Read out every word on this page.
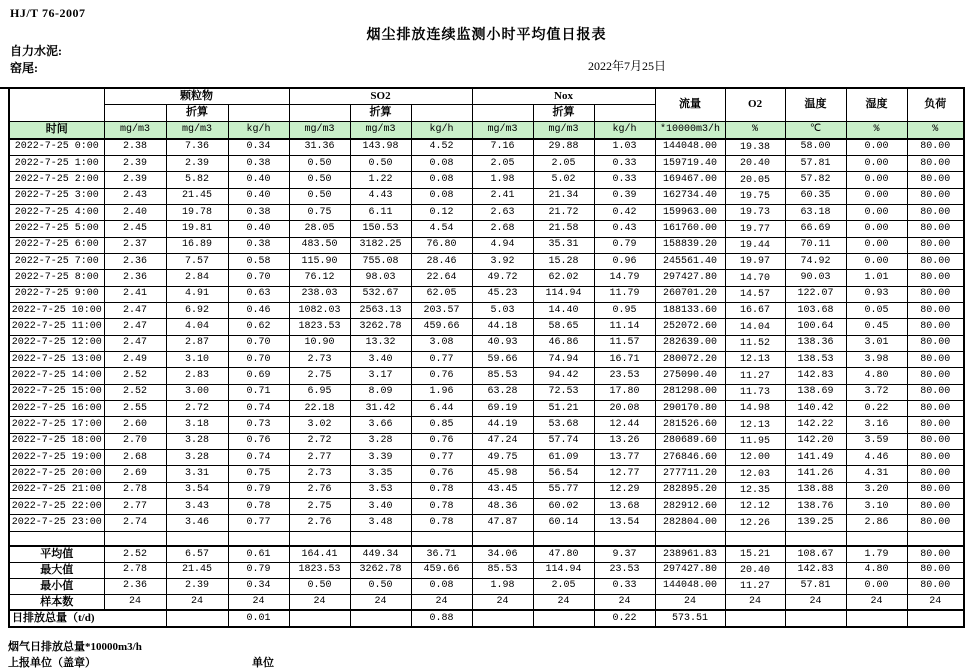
HJ/T 76-2007
烟尘排放连续监测小时平均值日报表
自力水泥:
窑尾:	2022年7月25日
	颗粒物			SO2			Nox			流量	O2	温度	湿度	负荷
		折算			折算			折算						
时间	mg/m3	mg/m3	kg/h	mg/m3	mg/m3	kg/h	mg/m3	mg/m3	kg/h	*10000m3/h	%	℃	%	%
2022-7-25 0:00	2.38	7.36	0.34	31.36	143.98	4.52	7.16	29.88	1.03	144048.00	19.38	58.00	0.00	80.00
2022-7-25 1:00	2.39	2.39	0.38	0.50	0.50	0.08	2.05	2.05	0.33	159719.40	20.40	57.81	0.00	80.00
2022-7-25 2:00	2.39	5.82	0.40	0.50	1.22	0.08	1.98	5.02	0.33	169467.00	20.05	57.82	0.00	80.00
2022-7-25 3:00	2.43	21.45	0.40	0.50	4.43	0.08	2.41	21.34	0.39	162734.40	19.75	60.35	0.00	80.00
2022-7-25 4:00	2.40	19.78	0.38	0.75	6.11	0.12	2.63	21.72	0.42	159963.00	19.73	63.18	0.00	80.00
2022-7-25 5:00	2.45	19.81	0.40	28.05	150.53	4.54	2.68	21.58	0.43	161760.00	19.77	66.69	0.00	80.00
2022-7-25 6:00	2.37	16.89	0.38	483.50	3182.25	76.80	4.94	35.31	0.79	158839.20	19.44	70.11	0.00	80.00
2022-7-25 7:00	2.36	7.57	0.58	115.90	755.08	28.46	3.92	15.28	0.96	245561.40	19.97	74.92	0.00	80.00
2022-7-25 8:00	2.36	2.84	0.70	76.12	98.03	22.64	49.72	62.02	14.79	297427.80	14.70	90.03	1.01	80.00
2022-7-25 9:00	2.41	4.91	0.63	238.03	532.67	62.05	45.23	114.94	11.79	260701.20	14.57	122.07	0.93	80.00
2022-7-25 10:00	2.47	6.92	0.46	1082.03	2563.13	203.57	5.03	14.40	0.95	188133.60	16.67	103.68	0.05	80.00
2022-7-25 11:00	2.47	4.04	0.62	1823.53	3262.78	459.66	44.18	58.65	11.14	252072.60	14.04	100.64	0.45	80.00
2022-7-25 12:00	2.47	2.87	0.70	10.90	13.32	3.08	40.93	46.86	11.57	282639.00	11.52	138.36	3.01	80.00
2022-7-25 13:00	2.49	3.10	0.70	2.73	3.40	0.77	59.66	74.94	16.71	280072.20	12.13	138.53	3.98	80.00
2022-7-25 14:00	2.52	2.83	0.69	2.75	3.17	0.76	85.53	94.42	23.53	275090.40	11.27	142.83	4.80	80.00
2022-7-25 15:00	2.52	3.00	0.71	6.95	8.09	1.96	63.28	72.53	17.80	281298.00	11.73	138.69	3.72	80.00
2022-7-25 16:00	2.55	2.72	0.74	22.18	31.42	6.44	69.19	51.21	20.08	290170.80	14.98	140.42	0.22	80.00
2022-7-25 17:00	2.60	3.18	0.73	3.02	3.66	0.85	44.19	53.68	12.44	281526.60	12.13	142.22	3.16	80.00
2022-7-25 18:00	2.70	3.28	0.76	2.72	3.28	0.76	47.24	57.74	13.26	280689.60	11.95	142.20	3.59	80.00
2022-7-25 19:00	2.68	3.28	0.74	2.77	3.39	0.77	49.75	61.09	13.77	276846.60	12.00	141.49	4.46	80.00
2022-7-25 20:00	2.69	3.31	0.75	2.73	3.35	0.76	45.98	56.54	12.77	277711.20	12.03	141.26	4.31	80.00
2022-7-25 21:00	2.78	3.54	0.79	2.76	3.53	0.78	43.45	55.77	12.29	282895.20	12.35	138.88	3.20	80.00
2022-7-25 22:00	2.77	3.43	0.78	2.75	3.40	0.78	48.36	60.02	13.68	282912.60	12.12	138.76	3.10	80.00
2022-7-25 23:00	2.74	3.46	0.77	2.76	3.48	0.78	47.87	60.14	13.54	282804.00	12.26	139.25	2.86	80.00

平均值	2.52	6.57	0.61	164.41	449.34	36.71	34.06	47.80	9.37	238961.83	15.21	108.67	1.79	80.00
最大值	2.78	21.45	0.79	1823.53	3262.78	459.66	85.53	114.94	23.53	297427.80	20.40	142.83	4.80	80.00
最小值	2.36	2.39	0.34	0.50	0.50	0.08	1.98	2.05	0.33	144048.00	11.27	57.81	0.00	80.00
样本数	24	24	24	24	24	24	24	24	24	24	24	24	24	24
日排放总量（t/d)			0.01			0.88			0.22	573.51				
烟气日排放总量*10000m3/h
上报单位（盖章）	单位
